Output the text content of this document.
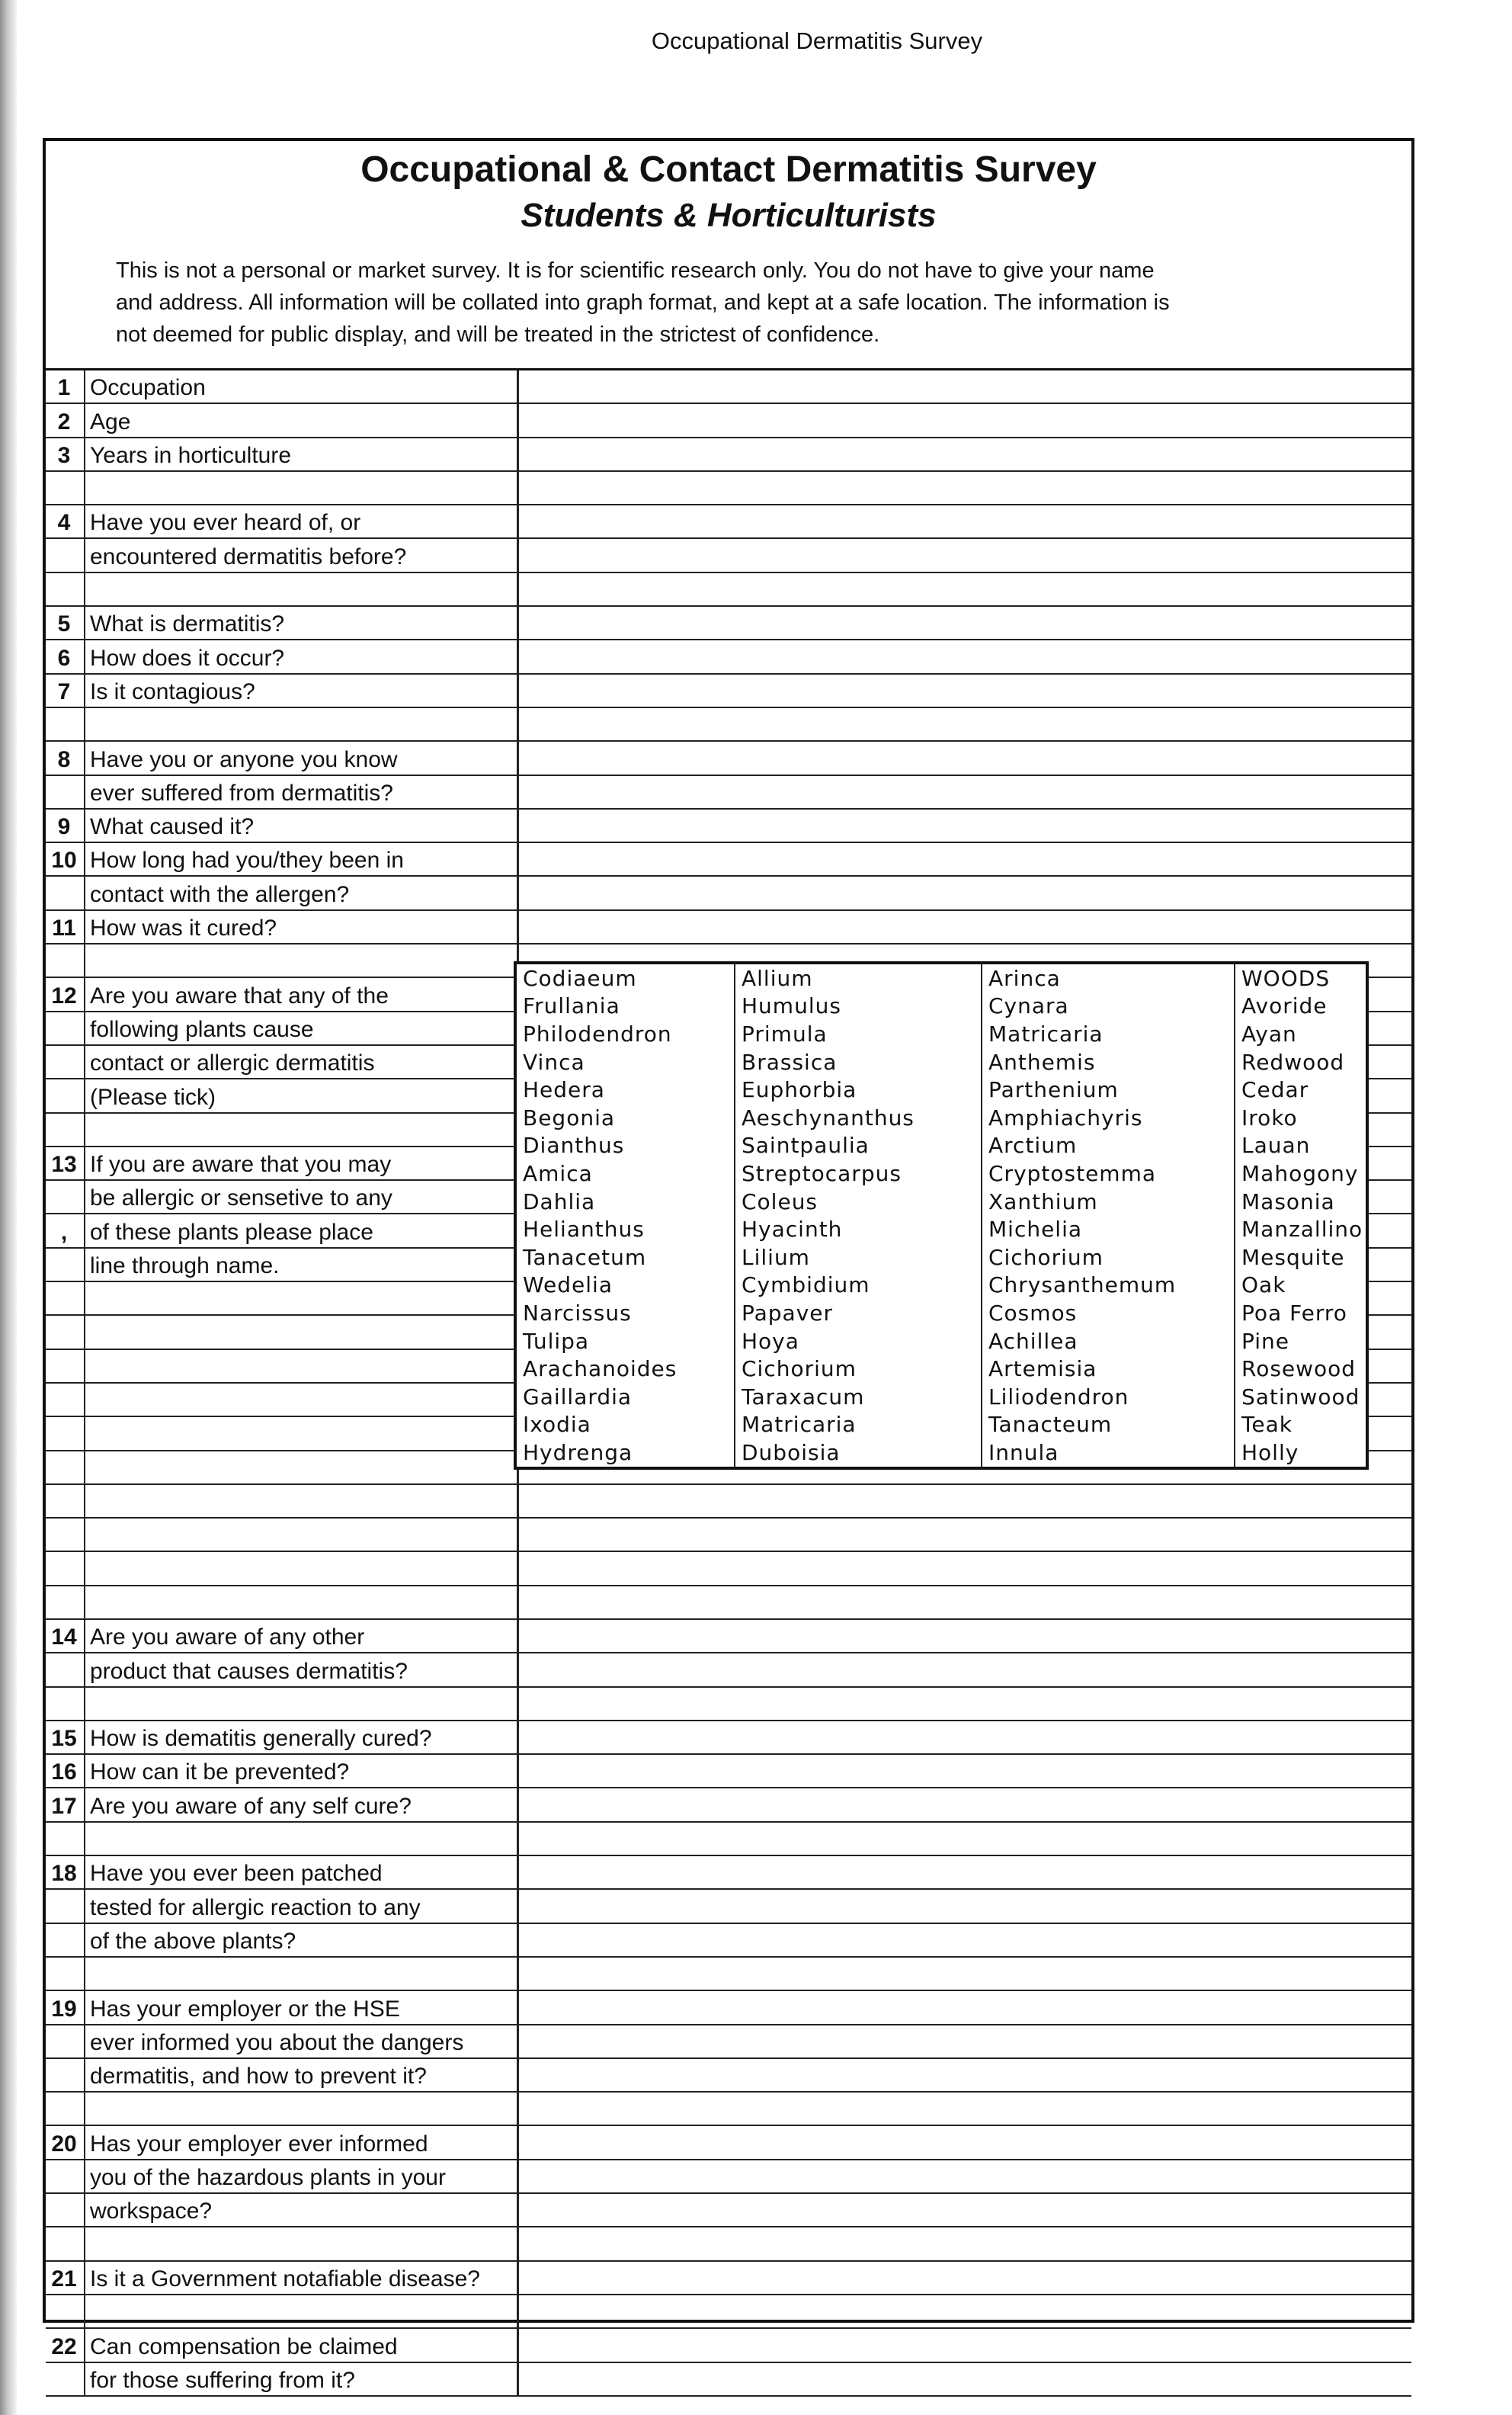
Occupational Dermatitis Survey
Occupational & Contact Dermatitis Survey
Students & Horticulturists
This is not a personal or market survey. It is for scientific research only. You do not have to give your name
and address. All information will be collated into graph format, and kept at a safe location. The information is
not deemed for public display, and will be treated in the strictest of confidence.
1	Occupation	
2	Age	
3	Years in horticulture	

4	Have you ever heard of, or	
	encountered dermatitis before?	

5	What is dermatitis?	
6	How does it occur?	
7	Is it contagious?	

8	Have you or anyone you know	
	ever suffered from dermatitis?	
9	What caused it?	
10	How long had you/they been in	
	contact with the allergen?	
11	How was it cured?	

12	Are you aware that any of the	
	following plants cause	
	contact or allergic dermatitis	
	(Please tick)	

13	If you are aware that you may	
	be allergic or sensetive to any	
,	of these plants please place	
	line through name.	

14	Are you aware of any other	
	product that causes dermatitis?	

15	How is dematitis generally cured?	
16	How can it be prevented?	
17	Are you aware of any self cure?	

18	Have you ever been patched	
	tested for allergic reaction to any	
	of the above plants?	

19	Has your employer or the HSE	
	ever informed you about the dangers	
	dermatitis, and how to prevent it?	

20	Has your employer ever informed	
	you of the hazardous plants in your	
	workspace?	

21	Is it a Government notafiable disease?	

22	Can compensation be claimed	
	for those suffering from it?	
Codiaeum	Allium	Arinca	WOODS
Frullania	Humulus	Cynara	Avoride
Philodendron	Primula	Matricaria	Ayan
Vinca	Brassica	Anthemis	Redwood
Hedera	Euphorbia	Parthenium	Cedar
Begonia	Aeschynanthus	Amphiachyris	Iroko
Dianthus	Saintpaulia	Arctium	Lauan
Amica	Streptocarpus	Cryptostemma	Mahogony
Dahlia	Coleus	Xanthium	Masonia
Helianthus	Hyacinth	Michelia	Manzallino
Tanacetum	Lilium	Cichorium	Mesquite
Wedelia	Cymbidium	Chrysanthemum	Oak
Narcissus	Papaver	Cosmos	Poa Ferro
Tulipa	Hoya	Achillea	Pine
Arachanoides	Cichorium	Artemisia	Rosewood
Gaillardia	Taraxacum	Liliodendron	Satinwood
Ixodia	Matricaria	Tanacteum	Teak
Hydrenga	Duboisia	Innula	Holly
